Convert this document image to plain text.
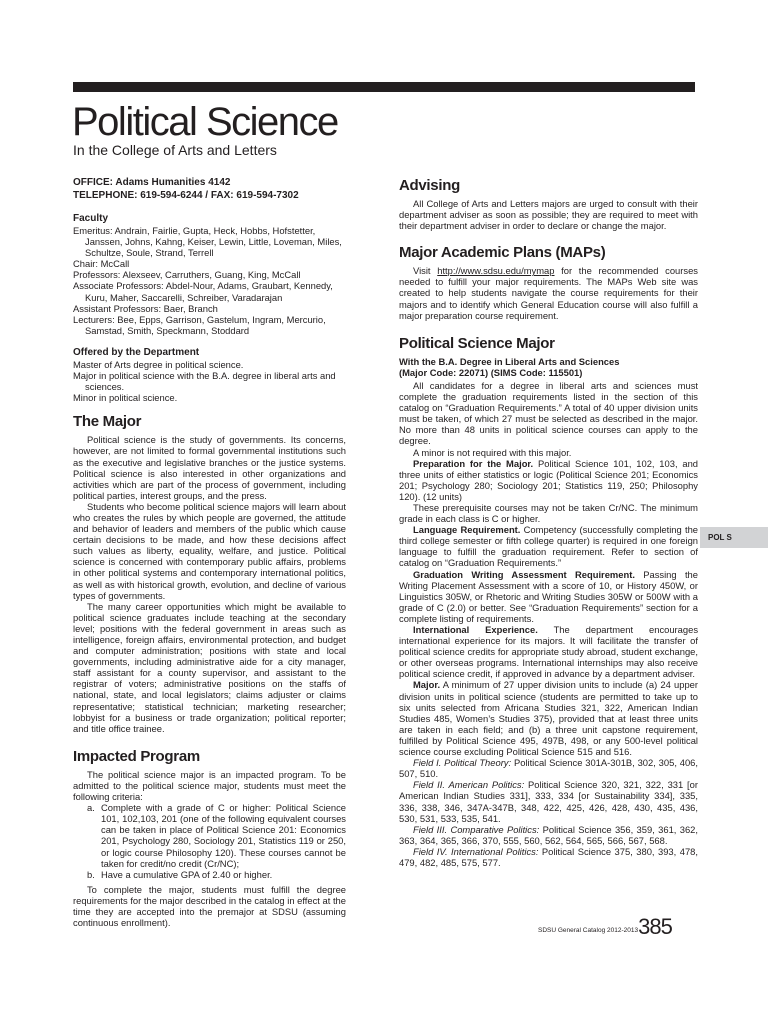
Political Science
In the College of Arts and Letters
OFFICE: Adams Humanities 4142
TELEPHONE: 619-594-6244 / FAX: 619-594-7302
Faculty
Emeritus: Andrain, Fairlie, Gupta, Heck, Hobbs, Hofstetter, Janssen, Johns, Kahng, Keiser, Lewin, Little, Loveman, Miles, Schultze, Soule, Strand, Terrell
Chair: McCall
Professors: Alexseev, Carruthers, Guang, King, McCall
Associate Professors: Abdel-Nour, Adams, Graubart, Kennedy, Kuru, Maher, Saccarelli, Schreiber, Varadarajan
Assistant Professors: Baer, Branch
Lecturers: Bee, Epps, Garrison, Gastelum, Ingram, Mercurio, Samstad, Smith, Speckmann, Stoddard
Offered by the Department
Master of Arts degree in political science.
Major in political science with the B.A. degree in liberal arts and sciences.
Minor in political science.
The Major

Political science is the study of governments. Its concerns, however, are not limited to formal governmental institutions such as the executive and legislative branches or the justice systems. Political science is also interested in other organizations and activities which are part of the process of government, including political parties, interest groups, and the press.

Students who become political science majors will learn about who creates the rules by which people are governed, the attitude and behavior of leaders and members of the public which cause certain decisions to be made, and how these decisions affect such values as liberty, equality, welfare, and justice. Political science is concerned with contemporary public affairs, problems in other political systems and contemporary international politics, as well as with historical growth, evolution, and decline of various types of governments.

The many career opportunities which might be available to political science graduates include teaching at the secondary level; positions with the federal government in areas such as intelligence, foreign affairs, environmental protection, and budget and computer administration; positions with state and local governments, including administrative aide for a city manager, staff assistant for a county supervisor, and assistant to the registrar of voters; administrative positions on the staffs of national, state, and local legislators; claims adjuster or claims representative; statistical technician; marketing researcher; lobbyist for a business or trade organization; political reporter; and title office trainee.

Impacted Program

The political science major is an impacted program. To be admitted to the political science major, students must meet the following criteria:

a. Complete with a grade of C or higher: Political Science 101, 102,103, 201 (one of the following equivalent courses can be taken in place of Political Science 201: Economics 201, Psychology 280, Sociology 201, Statistics 119 or 250, or logic course Philosophy 120). These courses cannot be taken for credit/no credit (Cr/NC);
b. Have a cumulative GPA of 2.40 or higher.

To complete the major, students must fulfill the degree requirements for the major described in the catalog in effect at the time they are accepted into the premajor at SDSU (assuming continuous enrollment).

Advising

All College of Arts and Letters majors are urged to consult with their department adviser as soon as possible; they are required to meet with their department adviser in order to declare or change the major.

Major Academic Plans (MAPs)

Visit http://www.sdsu.edu/mymap for the recommended courses needed to fulfill your major requirements. The MAPs Web site was created to help students navigate the course requirements for their majors and to identify which General Education course will also fulfill a major preparation course requirement.

Political Science Major
With the B.A. Degree in Liberal Arts and Sciences
(Major Code: 22071) (SIMS Code: 115501)

All candidates for a degree in liberal arts and sciences must complete the graduation requirements listed in the section of this catalog on “Graduation Requirements.” A total of 40 upper division units must be taken, of which 27 must be selected as described in the major. No more than 48 units in political science courses can apply to the degree.

A minor is not required with this major.

Preparation for the Major. Political Science 101, 102, 103, and three units of either statistics or logic (Political Science 201; Economics 201; Psychology 280; Sociology 201; Statistics 119, 250; Philosophy 120). (12 units)

These prerequisite courses may not be taken Cr/NC. The minimum grade in each class is C or higher.

Language Requirement. Competency (successfully completing the third college semester or fifth college quarter) is required in one foreign language to fulfill the graduation requirement. Refer to section of catalog on “Graduation Requirements.”

Graduation Writing Assessment Requirement. Passing the Writing Placement Assessment with a score of 10, or History 450W, or Linguistics 305W, or Rhetoric and Writing Studies 305W or 500W with a grade of C (2.0) or better. See “Graduation Requirements” section for a complete listing of requirements.

International Experience. The department encourages international experience for its majors. It will facilitate the transfer of political science credits for appropriate study abroad, student exchange, or other overseas programs. International internships may also receive political science credit, if approved in advance by a department adviser.

Major. A minimum of 27 upper division units to include (a) 24 upper division units in political science (students are permitted to take up to six units selected from Africana Studies 321, 322, American Indian Studies 485, Women’s Studies 375), provided that at least three units are taken in each field; and (b) a three unit capstone requirement, fulfilled by Political Science 495, 497B, 498, or any 500-level political science course excluding Political Science 515 and 516.

Field I. Political Theory: Political Science 301A-301B, 302, 305, 406, 507, 510.

Field II. American Politics: Political Science 320, 321, 322, 331 [or American Indian Studies 331], 333, 334 [or Sustainability 334], 335, 336, 338, 346, 347A-347B, 348, 422, 425, 426, 428, 430, 435, 436, 530, 531, 533, 535, 541.

Field III. Comparative Politics: Political Science 356, 359, 361, 362, 363, 364, 365, 366, 370, 555, 560, 562, 564, 565, 566, 567, 568.

Field IV. International Politics: Political Science 375, 380, 393, 478, 479, 482, 485, 575, 577.

POL S
SDSU General Catalog 2012-2013385
